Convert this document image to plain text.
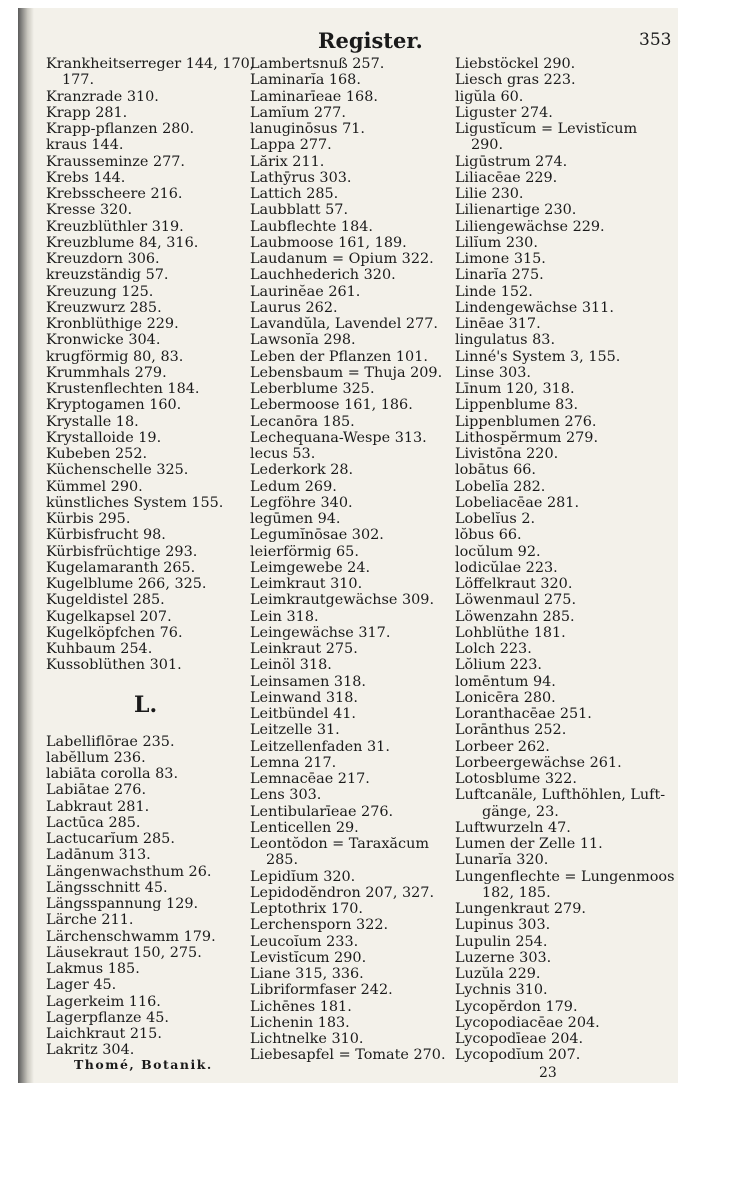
Register.	353
Krankheitserreger 144, 170,
177.
Kranzrade 310.
Krapp 281.
Krapp-pflanzen 280.
kraus 144.
Krausseminze 277.
Krebs 144.
Krebsscheere 216.
Kresse 320.
Kreuzblüthler 319.
Kreuzblume 84, 316.
Kreuzdorn 306.
kreuzständig 57.
Kreuzung 125.
Kreuzwurz 285.
Kronblüthige 229.
Kronwicke 304.
krugförmig 80, 83.
Krummhals 279.
Krustenflechten 184.
Kryptogamen 160.
Krystalle 18.
Krystalloide 19.
Kubeben 252.
Küchenschelle 325.
Kümmel 290.
künstliches System 155.
Kürbis 295.
Kürbisfrucht 98.
Kürbisfrüchtige 293.
Kugelamaranth 265.
Kugelblume 266, 325.
Kugeldistel 285.
Kugelkapsel 207.
Kugelköpfchen 76.
Kuhbaum 254.
Kussoblüthen 301.
L.
Labelliflōrae 235.
labĕllum 236.
labiāta corolla 83.
Labiātae 276.
Labkraut 281.
Lactūca 285.
Lactucarĭum 285.
Ladānum 313.
Längenwachsthum 26.
Längsschnitt 45.
Längsspannung 129.
Lärche 211.
Lärchenschwamm 179.
Läusekraut 150, 275.
Lakmus 185.
Lager 45.
Lagerkeim 116.
Lagerpflanze 45.
Laichkraut 215.
Lakritz 304.
Lambertsnuß 257.
Laminarĭa 168.
Laminarīeae 168.
Lamĭum 277.
lanuginōsus 71.
Lappa 277.
Lărix 211.
Lathȳrus 303.
Lattich 285.
Laubblatt 57.
Laubflechte 184.
Laubmoose 161, 189.
Laudanum = Opium 322.
Lauchhederich 320.
Laurinĕae 261.
Laurus 262.
Lavandŭla, Lavendel 277.
Lawsonĭa 298.
Leben der Pflanzen 101.
Lebensbaum = Thuja 209.
Leberblume 325.
Lebermoose 161, 186.
Lecanōra 185.
Lechequana-Wespe 313.
lecus 53.
Lederkork 28.
Ledum 269.
Legföhre 340.
legūmen 94.
Legumĭnōsae 302.
leierförmig 65.
Leimgewebe 24.
Leimkraut 310.
Leimkrautgewächse 309.
Lein 318.
Leingewächse 317.
Leinkraut 275.
Leinöl 318.
Leinsamen 318.
Leinwand 318.
Leitbündel 41.
Leitzelle 31.
Leitzellenfaden 31.
Lemna 217.
Lemnacēae 217.
Lens 303.
Lentibularīeae 276.
Lenticellen 29.
Leontŏdon = Taraxăcum
285.
Lepidĭum 320.
Lepidodĕndron 207, 327.
Leptothrix 170.
Lerchensporn 322.
Leucoĭum 233.
Levistĭcum 290.
Liane 315, 336.
Libriformfaser 242.
Lichēnes 181.
Lichenin 183.
Lichtnelke 310.
Liebesapfel = Tomate 270.
Liebstöckel 290.
Liesch gras 223.
ligŭla 60.
Liguster 274.
Ligustĭcum = Levistĭcum
290.
Ligūstrum 274.
Liliacēae 229.
Lilie 230.
Lilienartige 230.
Liliengewächse 229.
Lilĭum 230.
Limone 315.
Linarĭa 275.
Linde 152.
Lindengewächse 311.
Linēae 317.
lingulatus 83.
Linné's System 3, 155.
Linse 303.
Līnum 120, 318.
Lippenblume 83.
Lippenblumen 276.
Lithospĕrmum 279.
Livistōna 220.
lobātus 66.
Lobelĭa 282.
Lobeliacēae 281.
Lobelĭus 2.
lŏbus 66.
locŭlum 92.
lodicŭlae 223.
Löffelkraut 320.
Löwenmaul 275.
Löwenzahn 285.
Lohblüthe 181.
Lolch 223.
Lŏlium 223.
lomēntum 94.
Lonicēra 280.
Loranthacēae 251.
Lorānthus 252.
Lorbeer 262.
Lorbeergewächse 261.
Lotosblume 322.
Luftcanäle, Lufthöhlen, Luft-
gänge, 23.
Luftwurzeln 47.
Lumen der Zelle 11.
Lunarĭa 320.
Lungenflechte = Lungenmoos
182, 185.
Lungenkraut 279.
Lupinus 303.
Lupulin 254.
Luzerne 303.
Luzŭla 229.
Lychnis 310.
Lycopĕrdon 179.
Lycopodiacēae 204.
Lycopodīeae 204.
Lycopodĭum 207.
Thomé, Botanik.
23
